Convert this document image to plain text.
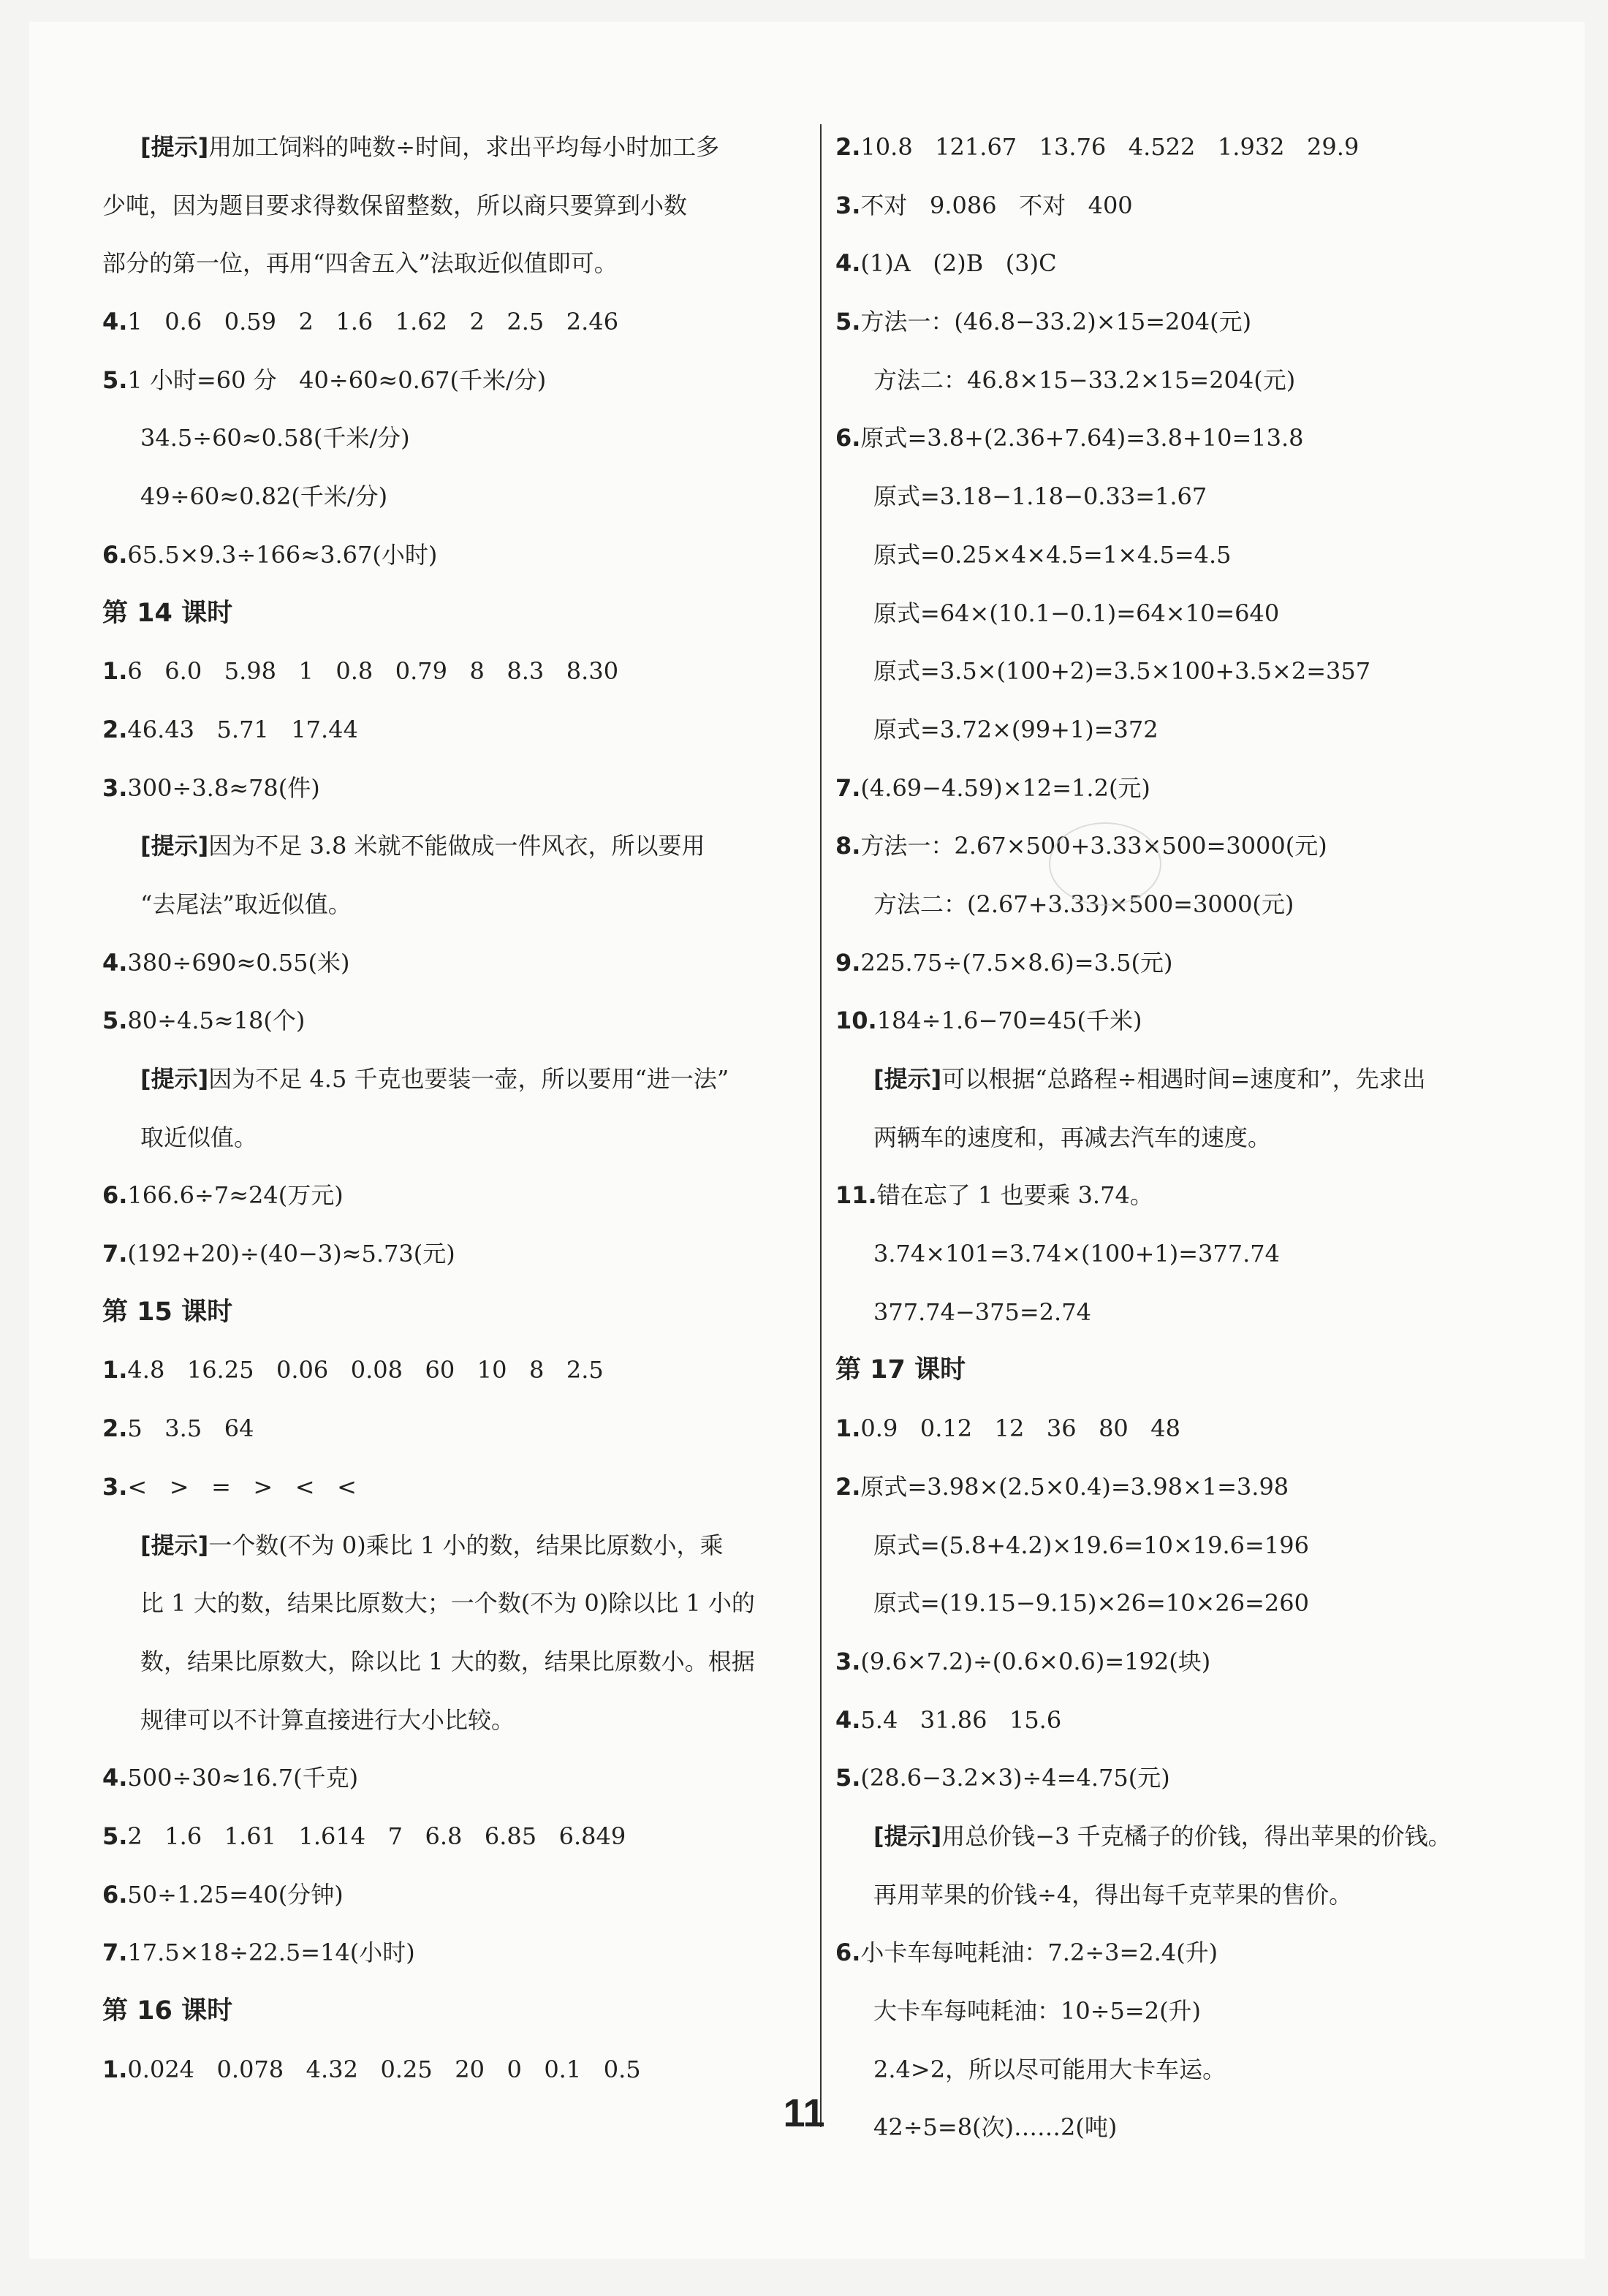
[提示]用加工饲料的吨数÷时间，求出平均每小时加工多
少吨，因为题目要求得数保留整数，所以商只要算到小数
部分的第一位，再用“四舍五入”法取近似值即可。
4.1   0.6   0.59   2   1.6   1.62   2   2.5   2.46
5.1 小时=60 分   40÷60≈0.67(千米/分)
34.5÷60≈0.58(千米/分)
49÷60≈0.82(千米/分)
6.65.5×9.3÷166≈3.67(小时)
第 14 课时
1.6   6.0   5.98   1   0.8   0.79   8   8.3   8.30
2.46.43   5.71   17.44
3.300÷3.8≈78(件)
[提示]因为不足 3.8 米就不能做成一件风衣，所以要用
“去尾法”取近似值。
4.380÷690≈0.55(米)
5.80÷4.5≈18(个)
[提示]因为不足 4.5 千克也要装一壶，所以要用“进一法”
取近似值。
6.166.6÷7≈24(万元)
7.(192+20)÷(40−3)≈5.73(元)
第 15 课时
1.4.8   16.25   0.06   0.08   60   10   8   2.5
2.5   3.5   64
3.<   >   =   >   <   <
[提示]一个数(不为 0)乘比 1 小的数，结果比原数小，乘
比 1 大的数，结果比原数大；一个数(不为 0)除以比 1 小的
数，结果比原数大，除以比 1 大的数，结果比原数小。根据
规律可以不计算直接进行大小比较。
4.500÷30≈16.7(千克)
5.2   1.6   1.61   1.614   7   6.8   6.85   6.849
6.50÷1.25=40(分钟)
7.17.5×18÷22.5=14(小时)
第 16 课时
1.0.024   0.078   4.32   0.25   20   0   0.1   0.5
2.10.8   121.67   13.76   4.522   1.932   29.9
3.不对   9.086   不对   400
4.(1)A   (2)B   (3)C
5.方法一：(46.8−33.2)×15=204(元)
方法二：46.8×15−33.2×15=204(元)
6.原式=3.8+(2.36+7.64)=3.8+10=13.8
原式=3.18−1.18−0.33=1.67
原式=0.25×4×4.5=1×4.5=4.5
原式=64×(10.1−0.1)=64×10=640
原式=3.5×(100+2)=3.5×100+3.5×2=357
原式=3.72×(99+1)=372
7.(4.69−4.59)×12=1.2(元)
8.方法一：2.67×500+3.33×500=3000(元)
方法二：(2.67+3.33)×500=3000(元)
9.225.75÷(7.5×8.6)=3.5(元)
10.184÷1.6−70=45(千米)
[提示]可以根据“总路程÷相遇时间=速度和”，先求出
两辆车的速度和，再减去汽车的速度。
11.错在忘了 1 也要乘 3.74。
3.74×101=3.74×(100+1)=377.74
377.74−375=2.74
第 17 课时
1.0.9   0.12   12   36   80   48
2.原式=3.98×(2.5×0.4)=3.98×1=3.98
原式=(5.8+4.2)×19.6=10×19.6=196
原式=(19.15−9.15)×26=10×26=260
3.(9.6×7.2)÷(0.6×0.6)=192(块)
4.5.4   31.86   15.6
5.(28.6−3.2×3)÷4=4.75(元)
[提示]用总价钱−3 千克橘子的价钱，得出苹果的价钱。
再用苹果的价钱÷4，得出每千克苹果的售价。
6.小卡车每吨耗油：7.2÷3=2.4(升)
大卡车每吨耗油：10÷5=2(升)
2.4>2，所以尽可能用大卡车运。
42÷5=8(次)……2(吨)
11
